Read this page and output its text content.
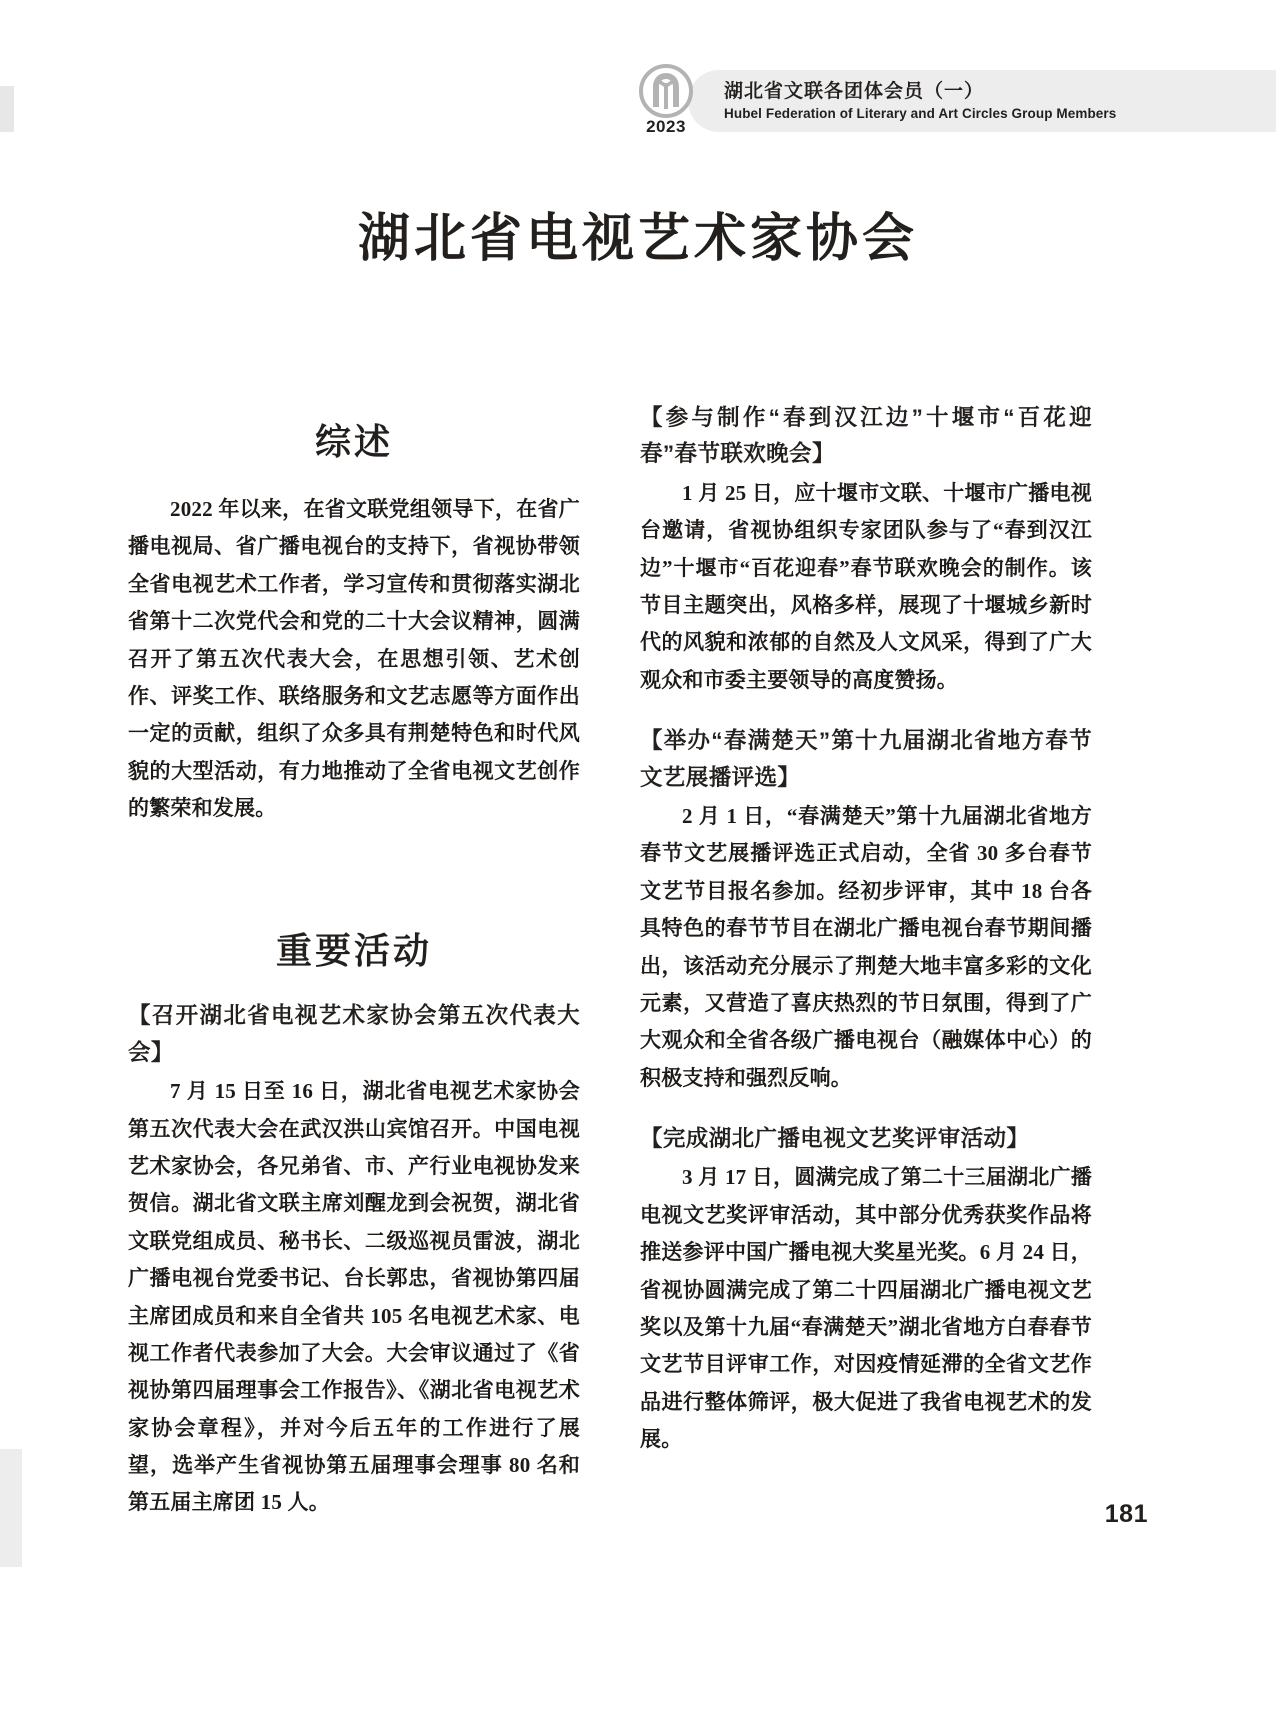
2023
湖北省文联各团体会员（一）
Hubel Federation of Literary and Art Circles Group Members
湖北省电视艺术家协会
综述

2022 年以来，在省文联党组领导下，在省广播电视局、省广播电视台的支持下，省视协带领全省电视艺术工作者，学习宣传和贯彻落实湖北省第十二次党代会和党的二十大会议精神，圆满召开了第五次代表大会，在思想引领、艺术创作、评奖工作、联络服务和文艺志愿等方面作出一定的贡献，组织了众多具有荆楚特色和时代风貌的大型活动，有力地推动了全省电视文艺创作的繁荣和发展。

重要活动
【召开湖北省电视艺术家协会第五次代表大会】

7 月 15 日至 16 日，湖北省电视艺术家协会第五次代表大会在武汉洪山宾馆召开。中国电视艺术家协会，各兄弟省、市、产行业电视协发来贺信。湖北省文联主席刘醒龙到会祝贺，湖北省文联党组成员、秘书长、二级巡视员雷波，湖北广播电视台党委书记、台长郭忠，省视协第四届主席团成员和来自全省共 105 名电视艺术家、电视工作者代表参加了大会。大会审议通过了《省视协第四届理事会工作报告》、《湖北省电视艺术家协会章程》，并对今后五年的工作进行了展望，选举产生省视协第五届理事会理事 80 名和第五届主席团 15 人。

【参与制作“春到汉江边”十堰市“百花迎春”春节联欢晚会】

1 月 25 日，应十堰市文联、十堰市广播电视台邀请，省视协组织专家团队参与了“春到汉江边”十堰市“百花迎春”春节联欢晚会的制作。该节目主题突出，风格多样，展现了十堰城乡新时代的风貌和浓郁的自然及人文风采，得到了广大观众和市委主要领导的高度赞扬。

【举办“春满楚天”第十九届湖北省地方春节文艺展播评选】

2 月 1 日，“春满楚天”第十九届湖北省地方春节文艺展播评选正式启动，全省 30 多台春节文艺节目报名参加。经初步评审，其中 18 台各具特色的春节节目在湖北广播电视台春节期间播出，该活动充分展示了荆楚大地丰富多彩的文化元素，又营造了喜庆热烈的节日氛围，得到了广大观众和全省各级广播电视台（融媒体中心）的积极支持和强烈反响。

【完成湖北广播电视文艺奖评审活动】

3 月 17 日，圆满完成了第二十三届湖北广播电视文艺奖评审活动，其中部分优秀获奖作品将推送参评中国广播电视大奖星光奖。6 月 24 日，省视协圆满完成了第二十四届湖北广播电视文艺奖以及第十九届“春满楚天”湖北省地方白春春节文艺节目评审工作，对因疫情延滞的全省文艺作品进行整体筛评，极大促进了我省电视艺术的发展。

181
